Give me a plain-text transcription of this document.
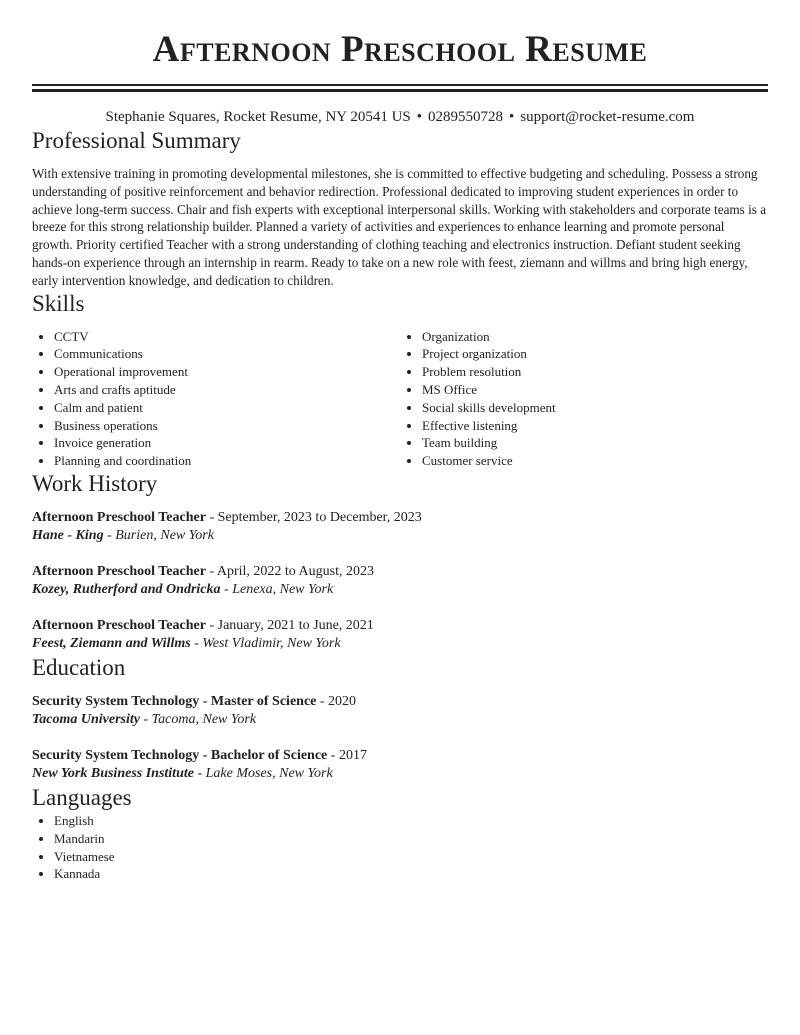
Afternoon Preschool Resume
Stephanie Squares, Rocket Resume, NY 20541 US • 0289550728 • support@rocket-resume.com
Professional Summary

With extensive training in promoting developmental milestones, she is committed to effective budgeting and scheduling. Possess a strong understanding of positive reinforcement and behavior redirection. Professional dedicated to improving student experiences in order to achieve long-term success. Chair and fish experts with exceptional interpersonal skills. Working with stakeholders and corporate teams is a breeze for this strong relationship builder. Planned a variety of activities and experiences to enhance learning and promote personal growth. Priority certified Teacher with a strong understanding of clothing teaching and electronics instruction. Defiant student seeking hands-on experience through an internship in rearm. Ready to take on a new role with feest, ziemann and willms and bring high energy, early intervention knowledge, and dedication to children.

Skills
• CCTV
• Communications
• Operational improvement
• Arts and crafts aptitude
• Calm and patient
• Business operations
• Invoice generation
• Planning and coordination
• Organization
• Project organization
• Problem resolution
• MS Office
• Social skills development
• Effective listening
• Team building
• Customer service
Work History
Afternoon Preschool Teacher - September, 2023 to December, 2023
Hane - King - Burien, New York
Afternoon Preschool Teacher - April, 2022 to August, 2023
Kozey, Rutherford and Ondricka - Lenexa, New York
Afternoon Preschool Teacher - January, 2021 to June, 2021
Feest, Ziemann and Willms - West Vladimir, New York
Education
Security System Technology - Master of Science - 2020
Tacoma University - Tacoma, New York
Security System Technology - Bachelor of Science - 2017
New York Business Institute - Lake Moses, New York
Languages
• English
• Mandarin
• Vietnamese
• Kannada
